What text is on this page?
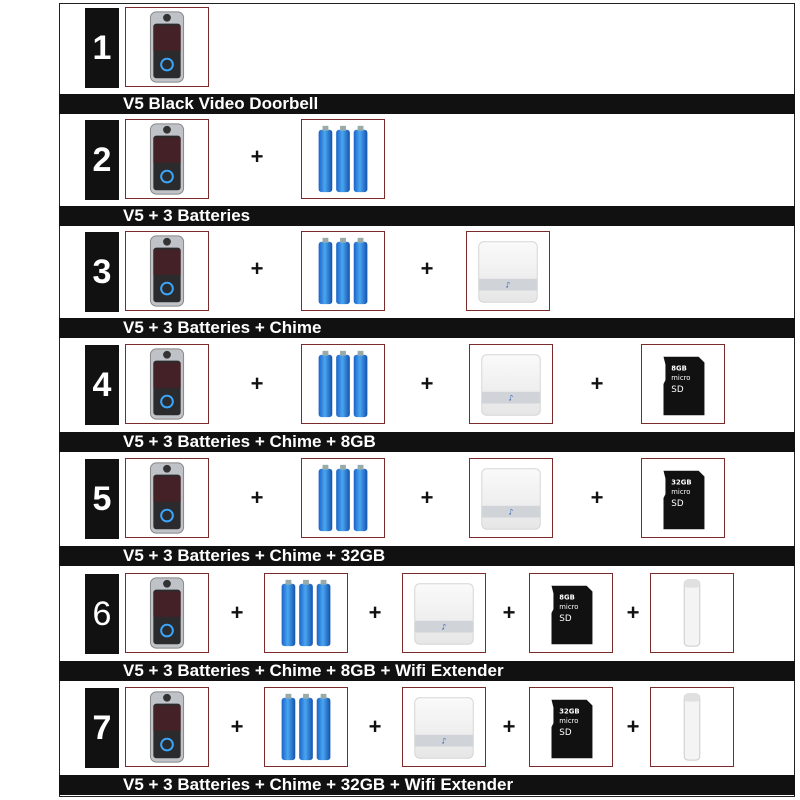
1
V5 Black Video Doorbell
2	+
V5 + 3 Batteries
3	+	+
♪
V5 + 3 Batteries + Chime
4	+	+
♪
+
8GB
micro
SD
V5 + 3 Batteries + Chime + 8GB
5	+	+
♪
+
32GB
micro
SD
V5 + 3 Batteries + Chime + 32GB
6	+	+
♪
+
8GB
micro
SD +
V5 + 3 Batteries + Chime + 8GB + Wifi Extender
7	+	+
♪
+
32GB
micro
SD +
V5 + 3 Batteries + Chime + 32GB + Wifi Extender
